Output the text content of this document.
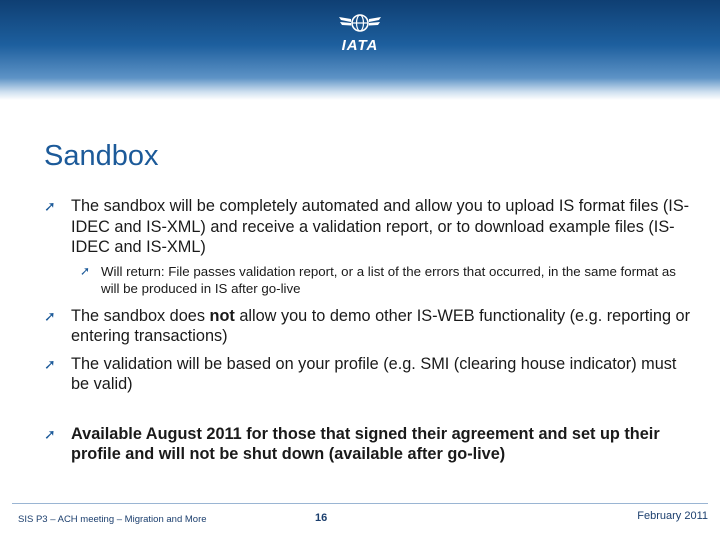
IATA
Sandbox
➚ The sandbox will be completely automated and allow you to upload IS format files (IS-IDEC and IS-XML) and receive a validation report, or to download example files (IS-IDEC and IS-XML)
➚ Will return: File passes validation report, or a list of the errors that occurred, in the same format as will be produced in IS after go-live
➚ The sandbox does not allow you to demo other IS-WEB functionality (e.g. reporting or entering transactions)
➚ The validation will be based on your profile (e.g. SMI (clearing house indicator) must be valid)
➚ Available August 2011 for those that signed their agreement and set up their profile and will not be shut down (available after go-live)
SIS P3 – ACH meeting – Migration and More	16	February 2011
